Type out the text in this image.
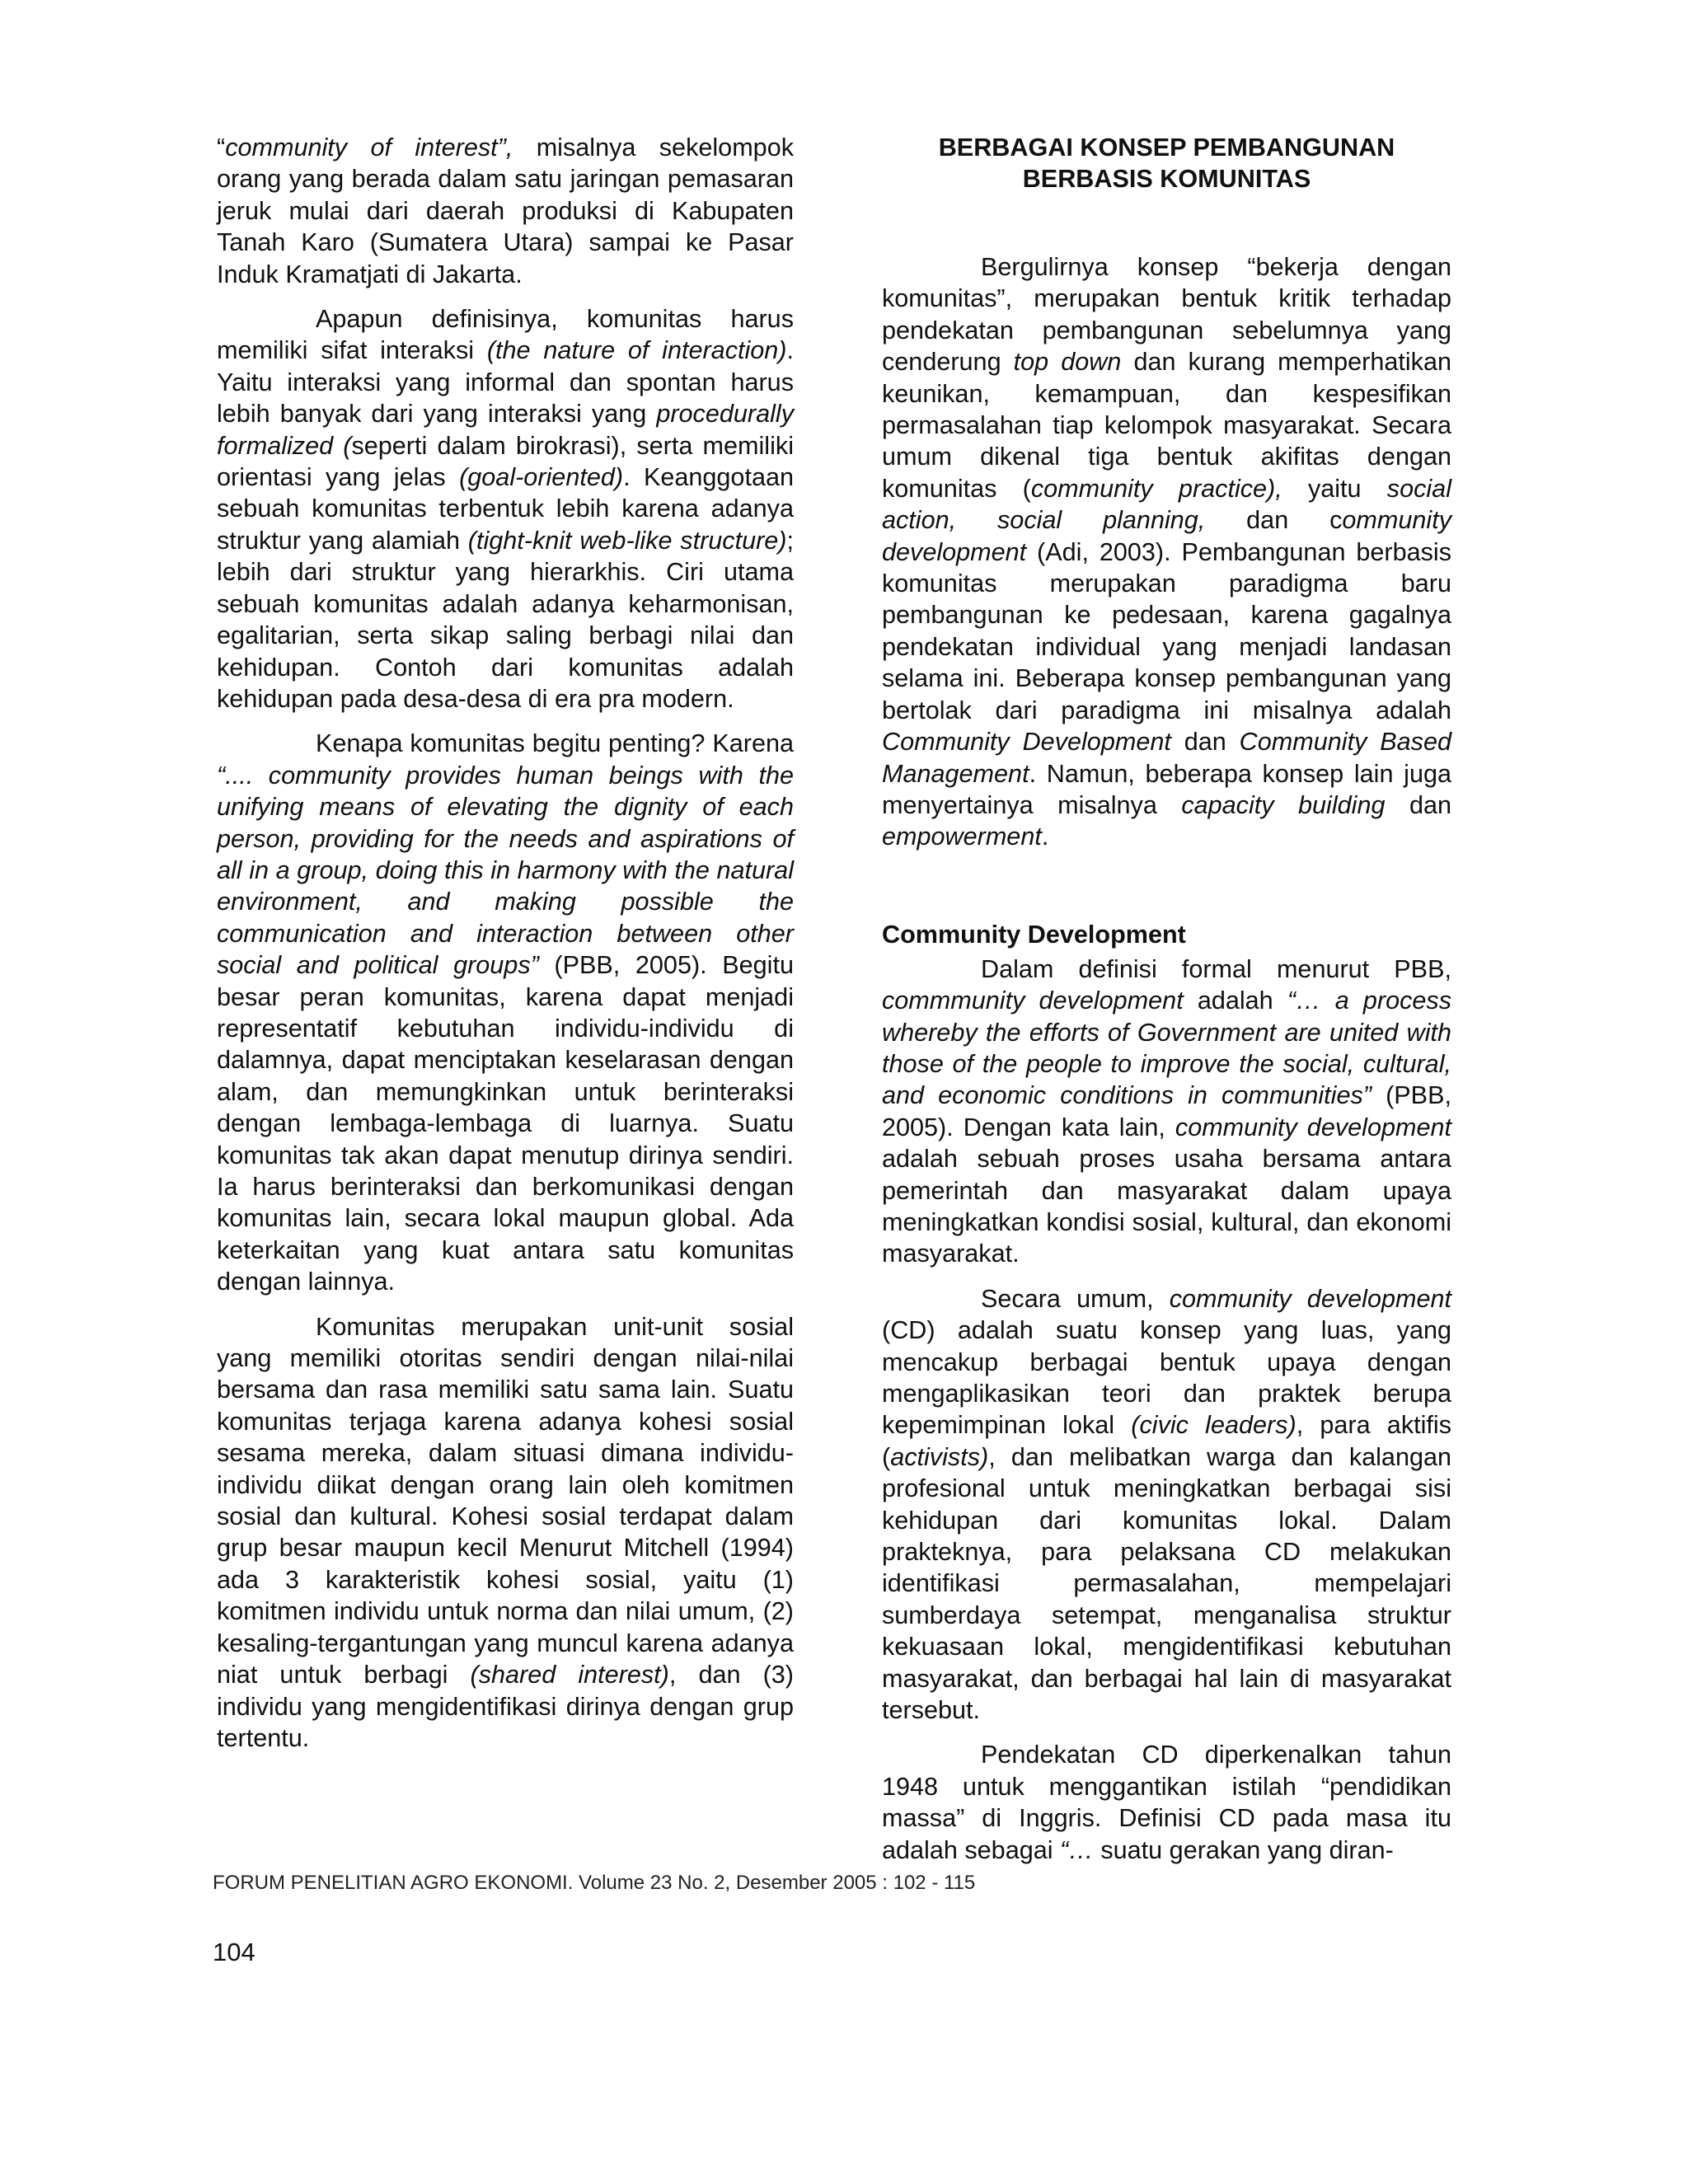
“community of interest”, misalnya sekelompok orang yang berada dalam satu jaringan pemasaran jeruk mulai dari daerah produksi di Kabupaten Tanah Karo (Sumatera Utara) sampai ke Pasar Induk Kramatjati di Jakarta.

Apapun definisinya, komunitas harus memiliki sifat interaksi (the nature of interaction). Yaitu interaksi yang informal dan spontan harus lebih banyak dari yang interaksi yang procedurally formalized (seperti dalam birokrasi), serta memiliki orientasi yang jelas (goal-oriented). Keanggotaan sebuah komunitas terbentuk lebih karena adanya struktur yang alamiah (tight-knit web-like structure); lebih dari struktur yang hierarkhis. Ciri utama sebuah komunitas adalah adanya keharmonisan, egalitarian, serta sikap saling berbagi nilai dan kehidupan. Contoh dari komunitas adalah kehidupan pada desa-desa di era pra modern.

Kenapa komunitas begitu penting? Karena “.... community provides human beings with the unifying means of elevating the dignity of each person, providing for the needs and aspirations of all in a group, doing this in harmony with the natural environment, and making possible the communication and interaction between other social and political groups” (PBB, 2005). Begitu besar peran komunitas, karena dapat menjadi representatif kebutuhan individu-individu di dalamnya, dapat menciptakan keselarasan dengan alam, dan memungkinkan untuk berinteraksi dengan lembaga-lembaga di luarnya. Suatu komunitas tak akan dapat menutup dirinya sendiri. Ia harus berinteraksi dan berkomunikasi dengan komunitas lain, secara lokal maupun global. Ada keterkaitan yang kuat antara satu komunitas dengan lainnya.

Komunitas merupakan unit-unit sosial yang memiliki otoritas sendiri dengan nilai-nilai bersama dan rasa memiliki satu sama lain. Suatu komunitas terjaga karena adanya kohesi sosial sesama mereka, dalam situasi dimana individu-individu diikat dengan orang lain oleh komitmen sosial dan kultural. Kohesi sosial terdapat dalam grup besar maupun kecil Menurut Mitchell (1994) ada 3 karakteristik kohesi sosial, yaitu (1) komitmen individu untuk norma dan nilai umum, (2) kesaling-tergantungan yang muncul karena adanya niat untuk berbagi (shared interest), dan (3) individu yang mengidentifikasi dirinya dengan grup tertentu.

BERBAGAI KONSEP PEMBANGUNAN
BERBASIS KOMUNITAS

Bergulirnya konsep “bekerja dengan komunitas”, merupakan bentuk kritik terhadap pendekatan pembangunan sebelumnya yang cenderung top down dan kurang memperhatikan keunikan, kemampuan, dan kespesifikan permasalahan tiap kelompok masyarakat. Secara umum dikenal tiga bentuk akifitas dengan komunitas (community practice), yaitu social action, social planning, dan community development (Adi, 2003). Pembangunan berbasis komunitas merupakan paradigma baru pembangunan ke pedesaan, karena gagalnya pendekatan individual yang menjadi landasan selama ini. Beberapa konsep pembangunan yang bertolak dari paradigma ini misalnya adalah Community Development dan Community Based Management. Namun, beberapa konsep lain juga menyertainya misalnya capacity building dan empowerment.

Community Development

Dalam definisi formal menurut PBB, commmunity development adalah “… a process whereby the efforts of Government are united with those of the people to improve the social, cultural, and economic conditions in communities” (PBB, 2005). Dengan kata lain, community development adalah sebuah proses usaha bersama antara pemerintah dan masyarakat dalam upaya meningkatkan kondisi sosial, kultural, dan ekonomi masyarakat.

Secara umum, community development (CD) adalah suatu konsep yang luas, yang mencakup berbagai bentuk upaya dengan mengaplikasikan teori dan praktek berupa kepemimpinan lokal (civic leaders), para aktifis (activists), dan melibatkan warga dan kalangan profesional untuk meningkatkan berbagai sisi kehidupan dari komunitas lokal. Dalam prakteknya, para pelaksana CD melakukan identifikasi permasalahan, mempelajari sumberdaya setempat, menganalisa struktur kekuasaan lokal, mengidentifikasi kebutuhan masyarakat, dan berbagai hal lain di masyarakat tersebut.

Pendekatan CD diperkenalkan tahun 1948 untuk menggantikan istilah “pendidikan massa” di Inggris. Definisi CD pada masa itu adalah sebagai “… suatu gerakan yang diran-

FORUM PENELITIAN AGRO EKONOMI. Volume 23 No. 2, Desember 2005 : 102 - 115
104
